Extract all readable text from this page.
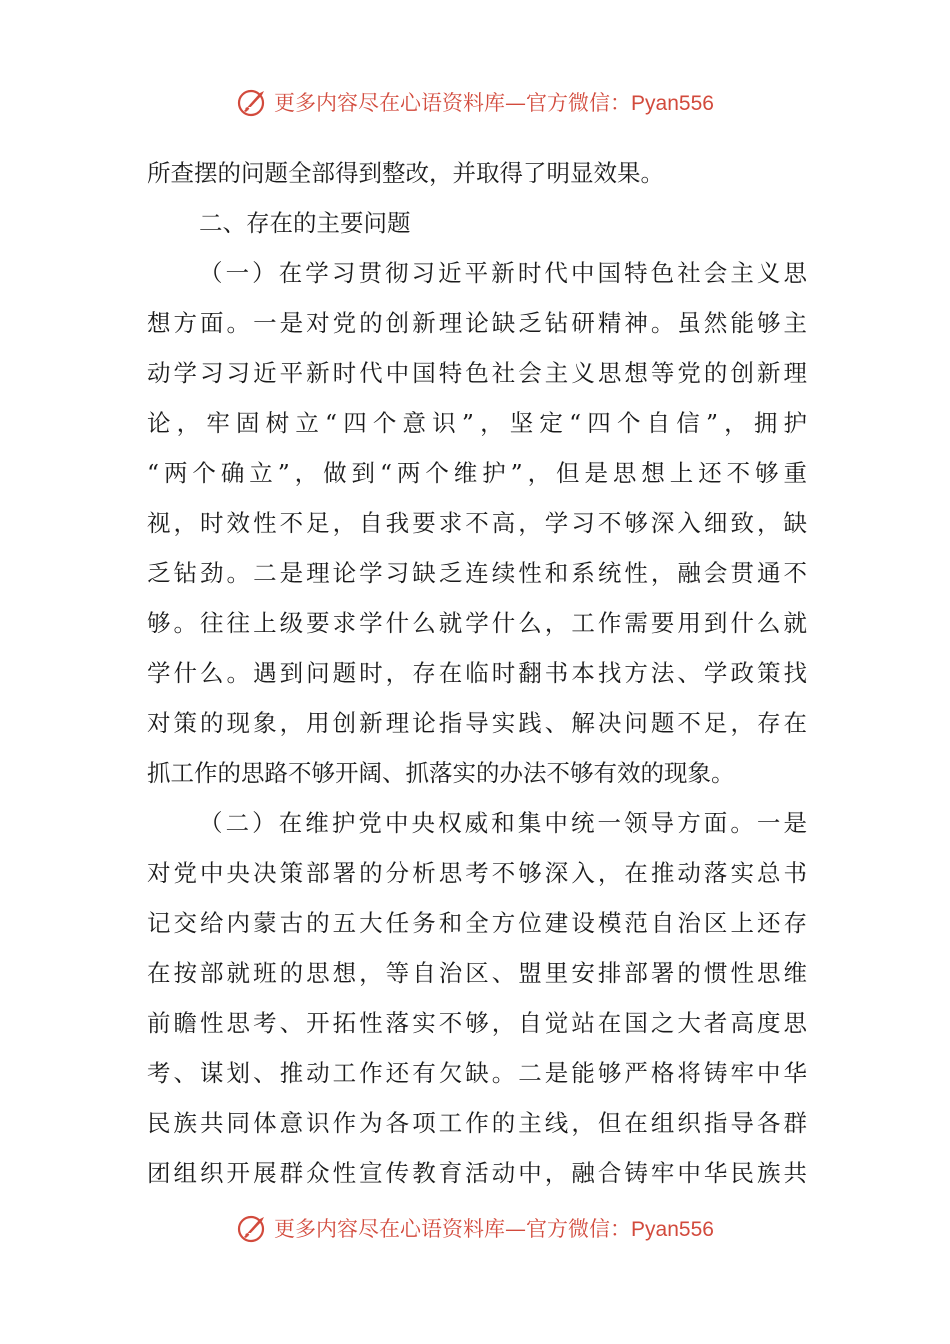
更多内容尽在心语资料库—官方微信：Pyan556
所查摆的问题全部得到整改，并取得了明显效果。
二、存在的主要问题
（一）在学习贯彻习近平新时代中国特色社会主义思
想方面。一是对党的创新理论缺乏钻研精神。虽然能够主
动学习习近平新时代中国特色社会主义思想等党的创新理
论，牢固树立“四个意识”，坚定“四个自信”，拥护
“两个确立”，做到“两个维护”，但是思想上还不够重
视，时效性不足，自我要求不高，学习不够深入细致，缺
乏钻劲。二是理论学习缺乏连续性和系统性，融会贯通不
够。往往上级要求学什么就学什么，工作需要用到什么就
学什么。遇到问题时，存在临时翻书本找方法、学政策找
对策的现象，用创新理论指导实践、解决问题不足，存在
抓工作的思路不够开阔、抓落实的办法不够有效的现象。
（二）在维护党中央权威和集中统一领导方面。一是
对党中央决策部署的分析思考不够深入，在推动落实总书
记交给内蒙古的五大任务和全方位建设模范自治区上还存
在按部就班的思想，等自治区、盟里安排部署的惯性思维
前瞻性思考、开拓性落实不够，自觉站在国之大者高度思
考、谋划、推动工作还有欠缺。二是能够严格将铸牢中华
民族共同体意识作为各项工作的主线，但在组织指导各群
团组织开展群众性宣传教育活动中，融合铸牢中华民族共
更多内容尽在心语资料库—官方微信：Pyan556
